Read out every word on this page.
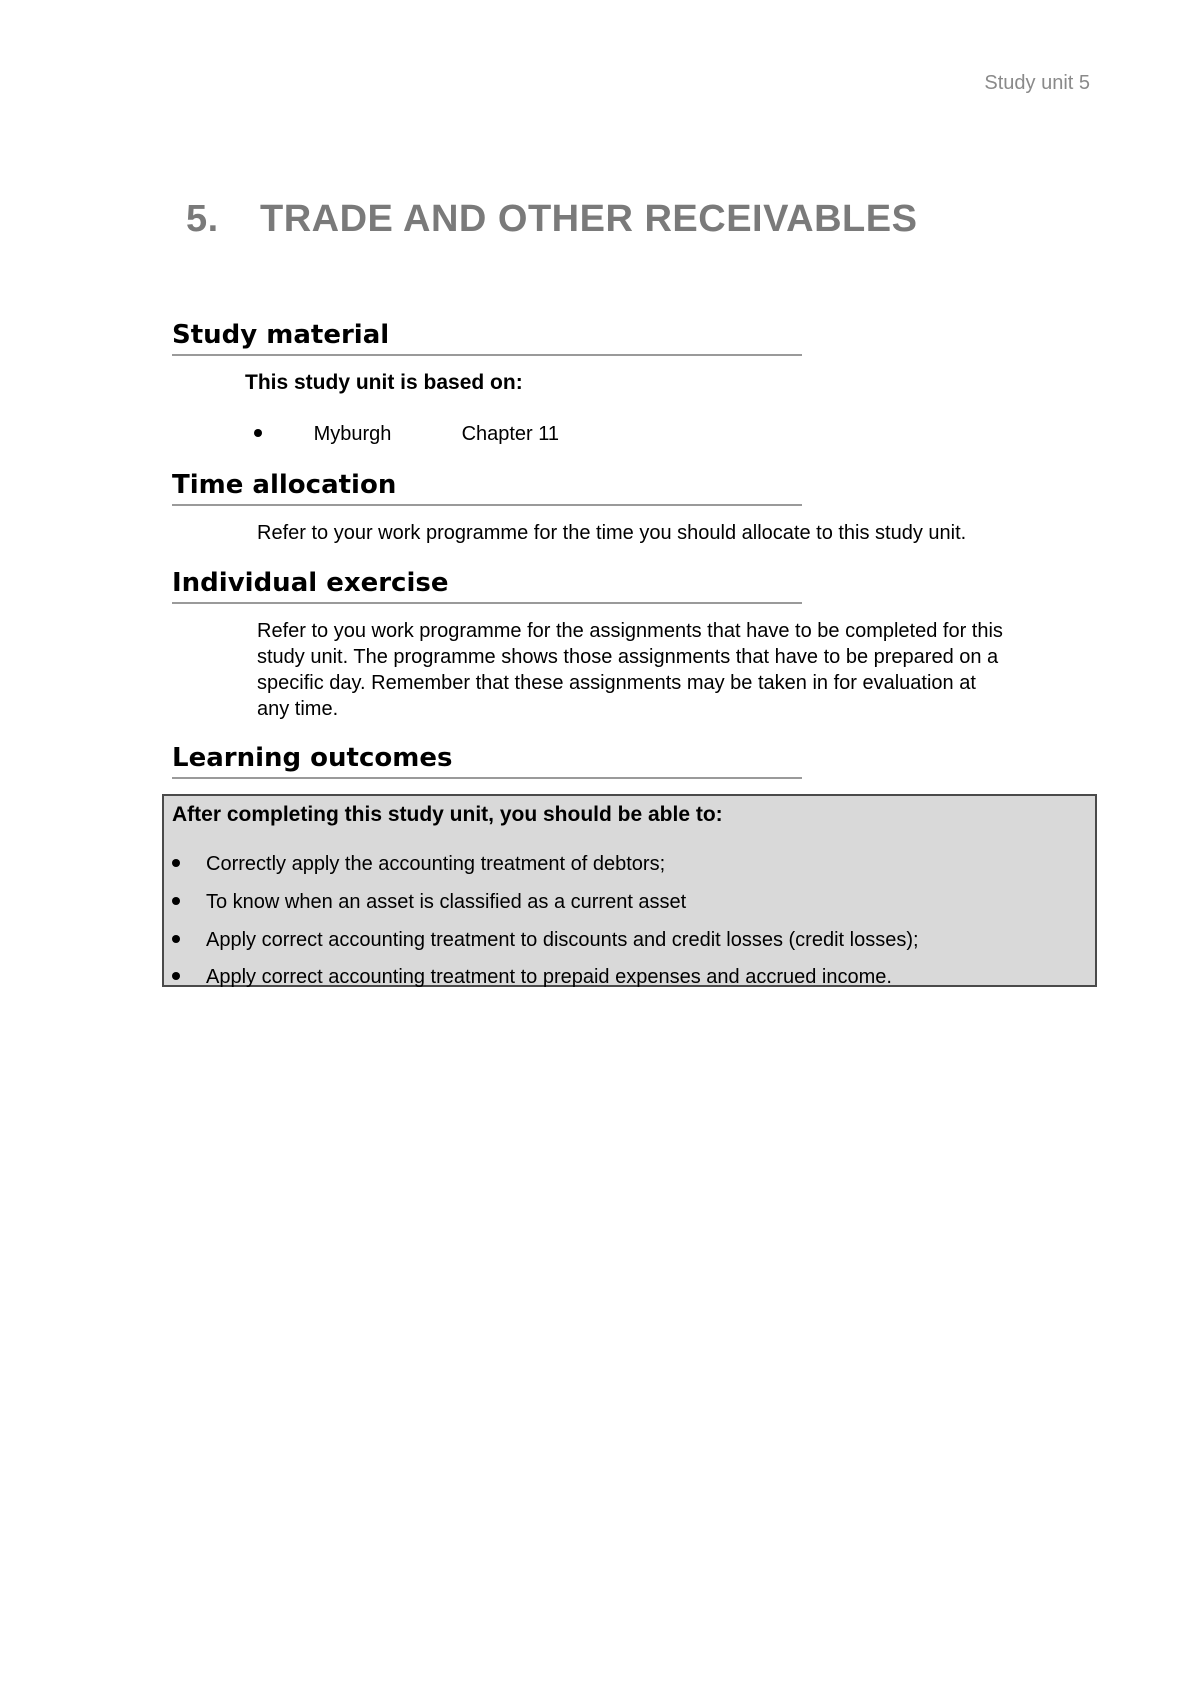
Study unit 5
5. TRADE AND OTHER RECEIVABLES
Study material
This study unit is based on:
Myburgh	Chapter 11
Time allocation
Refer to your work programme for the time you should allocate to this study unit.
Individual exercise
Refer to you work programme for the assignments that have to be completed for this
study unit. The programme shows those assignments that have to be prepared on a
specific day. Remember that these assignments may be taken in for evaluation at
any time.
Learning outcomes
After completing this study unit, you should be able to:
Correctly apply the accounting treatment of debtors;
To know when an asset is classified as a current asset
Apply correct accounting treatment to discounts and credit losses (credit losses);
Apply correct accounting treatment to prepaid expenses and accrued income.
